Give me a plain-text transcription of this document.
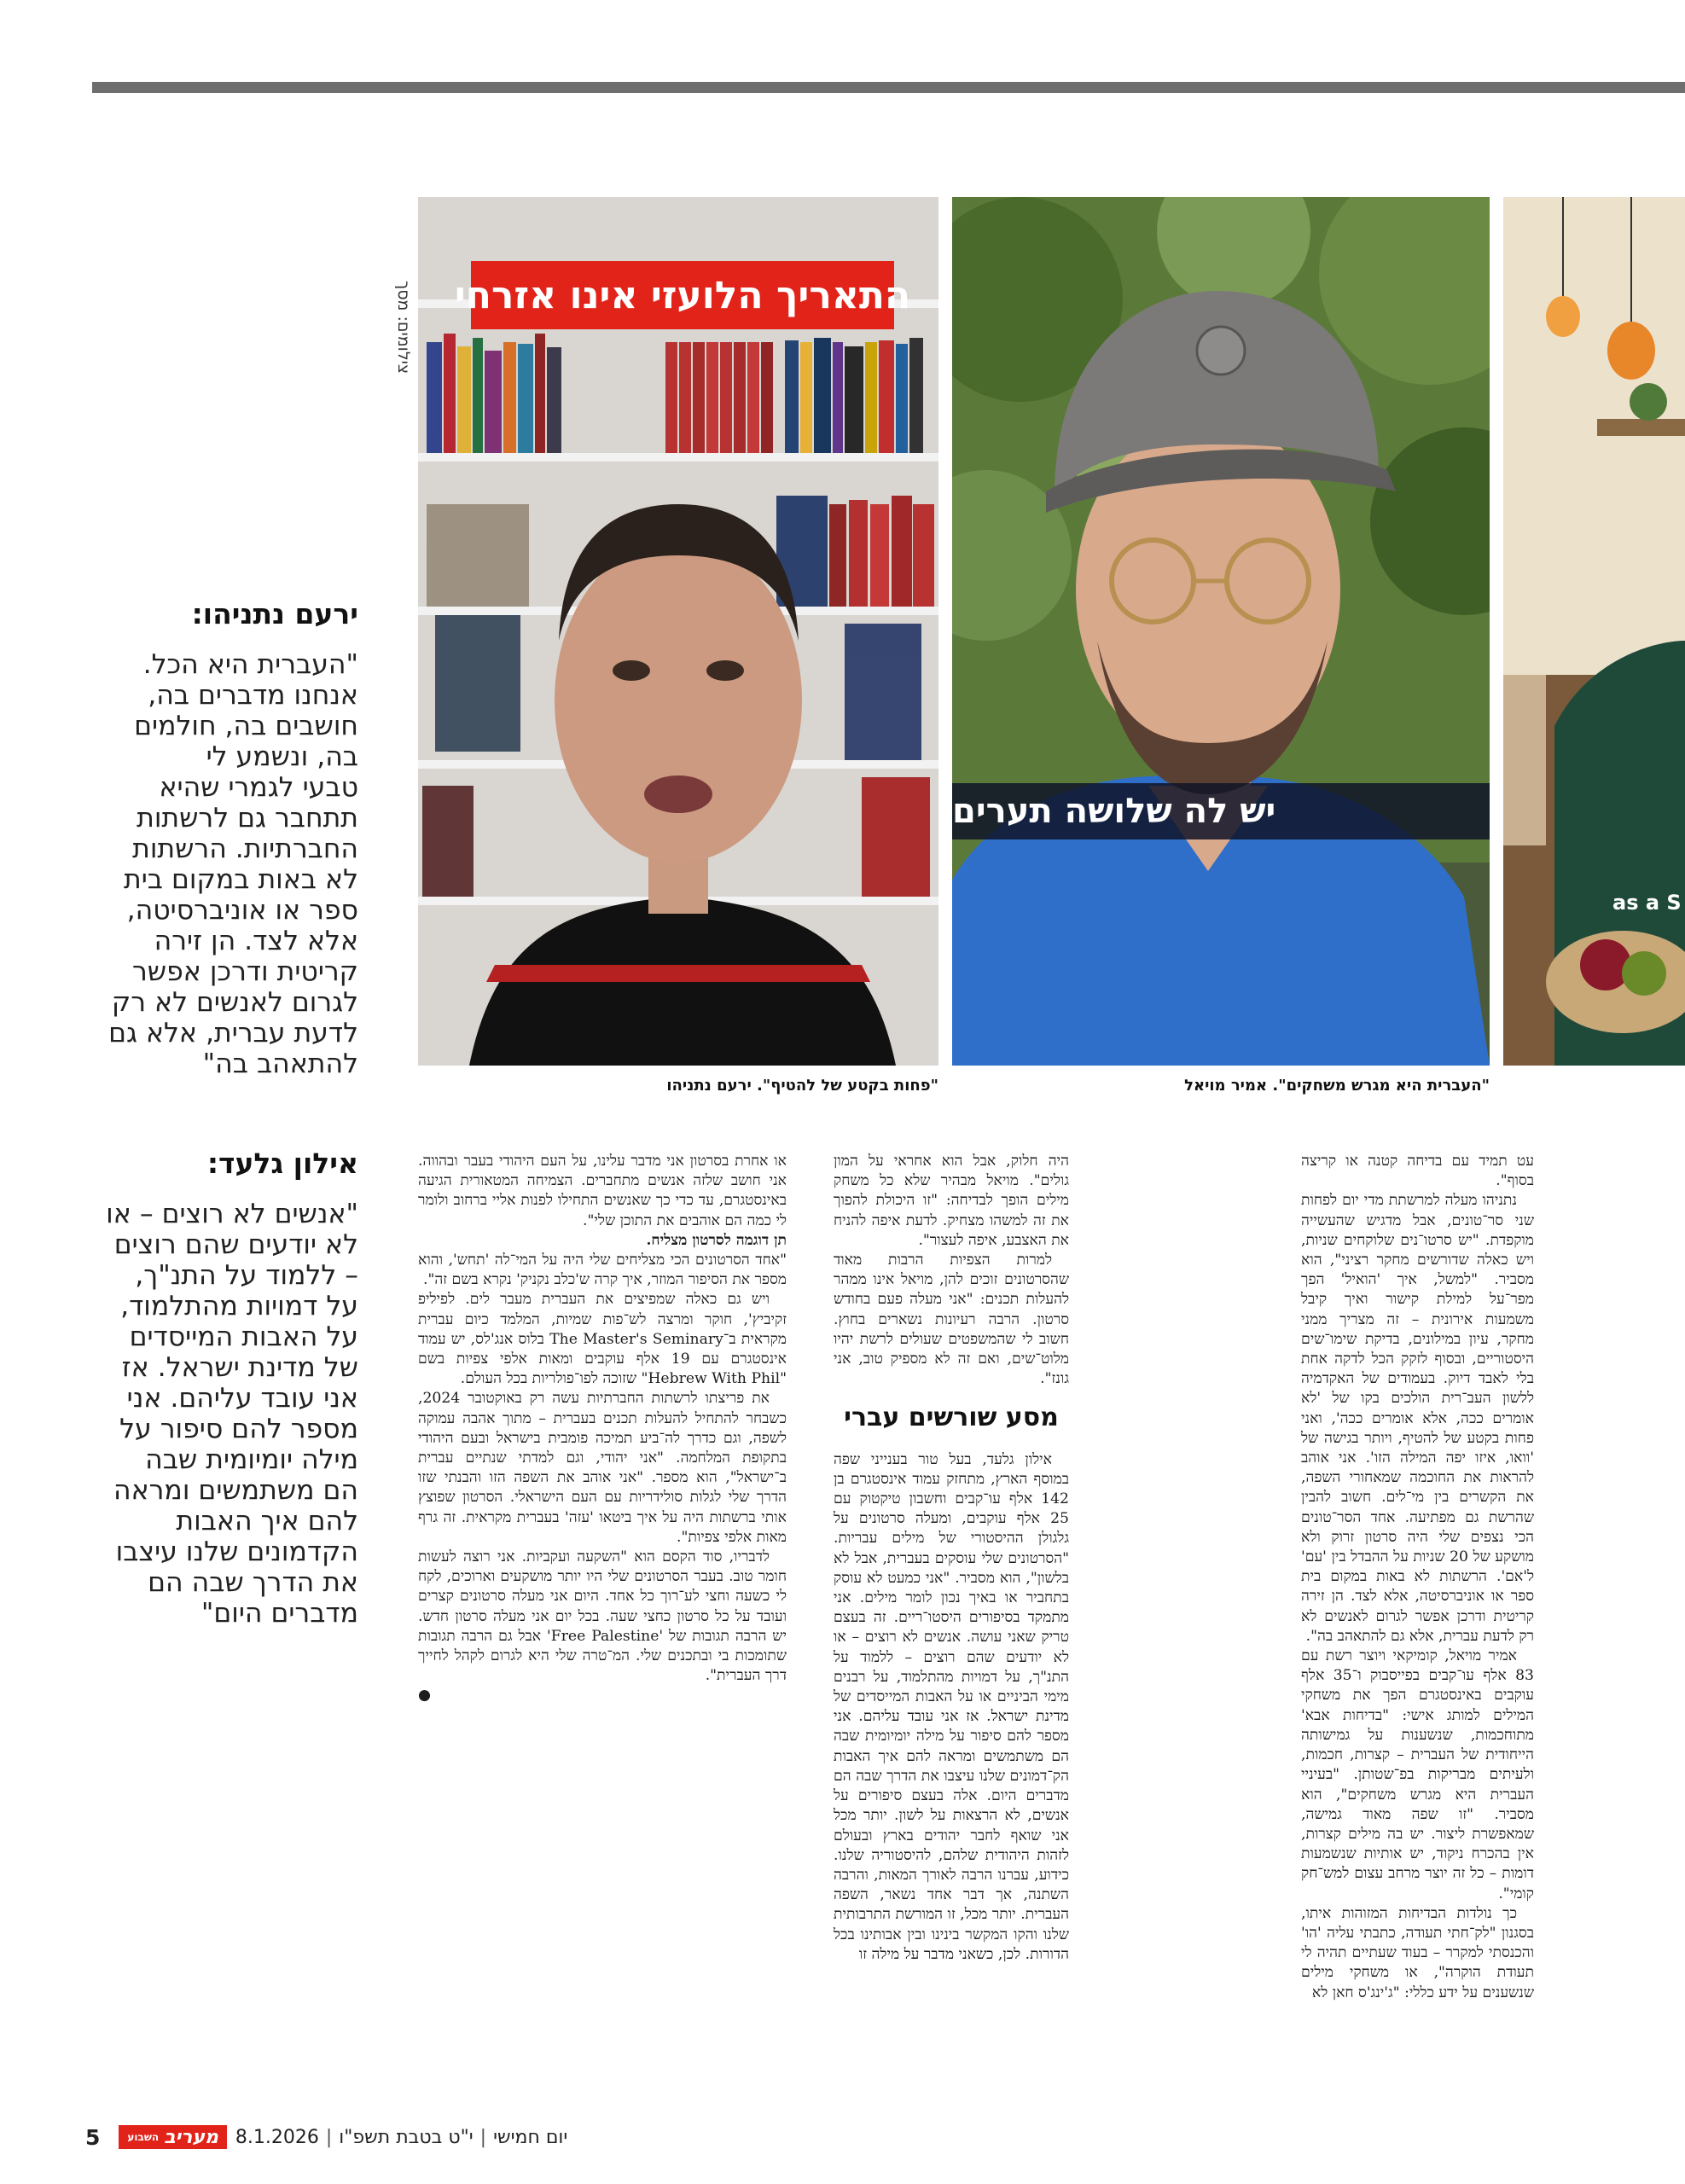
צילומים: מסך התאריך הלועזי אינו אזרחי
יש לה שלושה תערים
as a S
"פחות בקטע של להטיף". ירעם נתניהו	"העברית היא מגרש משחקים". אמיר מויאל
ירעם נתניהו:
"העברית היא הכל.
אנחנו מדברים בה,
חושבים בה, חולמים
בה, ונשמע לי
טבעי לגמרי שהיא
תתחבר גם לרשתות
החברתיות. הרשתות
לא באות במקום בית
ספר או אוניברסיטה,
אלא לצד. הן זירה
קריטית ודרכן אפשר
לגרום לאנשים לא רק
לדעת עברית, אלא גם
להתאהב בה"
אילון גלעד:
"אנשים לא רוצים – או
לא יודעים שהם רוצים
– ללמוד על התנ"ך,
על דמויות מהתלמוד,
על האבות המייסדים
של מדינת ישראל. אז
אני עובד עליהם. אני
מספר להם סיפור על
מילה יומיומית שבה
הם משתמשים ומראה
להם איך האבות
הקדמונים שלנו עיצבו
את הדרך שבה הם
מדברים היום"

עט תמיד עם בדיחה קטנה או קריצה בסוף".

נתניהו מעלה למרשתת מדי יום לפחות שני סר־טונים, אבל מדגיש שהעשייה מוקפדת. "יש סרטו־נים שלוקחים שניות, ויש כאלה שדורשים מחקר רציני", הוא מסביר. "למשל, איך 'הואיל' הפך מפר־על למילת קישור ואיך קיבל משמעות אירונית – זה מצריך ממני מחקר, עיון במילונים, בדיקת שימו־שים היסטוריים, ובסוף לזקק הכל לדקה אחת בלי לאבד דיוק. בעמודים של האקדמיה ללשון העב־רית הולכים בקו של 'לא אומרים ככה, אלא אומרים ככה', ואני פחות בקטע של להטיף, ויותר בגישה של 'וואו, איזו יפה המילה הזו'. אני אוהב להראות את החוכמה שמאחורי השפה, את הקשרים בין מי־לים. חשוב להבין שהרשת גם מפתיעה. אחד הסר־טונים הכי נצפים שלי היה סרטון זרוק ולא מושקע של 20 שניות על ההבדל בין 'עם' ל'אם'. הרשתות לא באות במקום בית ספר או אוניברסיטה, אלא לצד. הן זירה קריטית ודרכן אפשר לגרום לאנשים לא רק לדעת עברית, אלא גם להתאהב בה".

אמיר מויאל, קומיקאי ויוצר רשת עם 83 אלף עו־קבים בפייסבוק ו־35 אלף עוקבים באינסטגרם הפך את משחקי המילים למותג אישי: "בדיחות אבא' מתוחכמות, שנשענות על גמישותה הייחודית של העברית – קצרות, חכמות, ולעיתים מבריקות בפ־שטותן. "בעיניי העברית היא מגרש משחקים", הוא מסביר. "זו שפה מאוד גמישה, שמאפשרת ליצור. יש בה מילים קצרות, אין בהכרח ניקוד, יש אותיות שנשמעות דומות – כל זה יוצר מרחב עצום למש־חק קומי".

כך נולדות הבדיחות המזוהות איתו, בסגנון "לק־חתי תעודה, כתבתי עליה 'הו' והכנסתי למקרר – בעוד שעתיים תהיה לי תעודת הוקרה", או משחקי מילים שנשענים על ידע כללי: "ג'ינג'ס חאן לא

היה חלוק, אבל הוא אחראי על המון גולים". מויאל מבהיר שלא כל משחק מילים הופך לבדיחה: "זו היכולת להפוך את זה למשהו מצחיק. לדעת איפה להניח את האצבע, איפה לעצור".

למרות הצפיות הרבות מאוד שהסרטונים זוכים להן, מויאל אינו ממהר להעלות תכנים: "אני מעלה פעם בחודש סרטון. הרבה רעיונות נשארים בחוץ. חשוב לי שהמשפטים שעולים לרשת יהיו מלוט־שים, ואם זה לא מספיק טוב, אני גונז".

מסע שורשים עברי

אילון גלעד, בעל טור בענייני שפה במוסף הארץ, מתחזק עמוד אינסטגרם בן 142 אלף עו־קבים וחשבון טיקטוק עם 25 אלף עוקבים, ומעלה סרטונים על גלגולן ההיסטורי של מילים עבריות. "הסרטונים שלי עוסקים בעברית, אבל לא בלשון", הוא מסביר. "אני כמעט לא עוסק בתחביר או באיך נכון לומר מילים. אני מתמקד בסיפורים היסטו־ריים. זה בעצם טריק שאני עושה. אנשים לא רוצים – או לא יודעים שהם רוצים – ללמוד על התנ"ך, על דמויות מהתלמוד, על רבנים מימי הביניים או על האבות המייסדים של מדינת ישראל. אז אני עובד עליהם. אני מספר להם סיפור על מילה יומיומית שבה הם משתמשים ומראה להם איך האבות הק־דמונים שלנו עיצבו את הדרך שבה הם מדברים היום. אלה בעצם סיפורים על אנשים, לא הרצאות על לשון. יותר מכל אני שואף לחבר יהודים בארץ ובעולם לזהות היהודית שלהם, להיסטוריה שלנו. כידוע, עברנו הרבה לאורך המאות, והרבה השתנה, אך דבר אחד נשאר, השפה העברית. יותר מכל, זו המורשת התרבותית שלנו והקו המקשר בינינו ובין אבותינו בכל הדורות. לכן, כשאני מדבר על מילה זו

או אחרת בסרטון אני מדבר עלינו, על העם היהודי בעבר ובהווה. אני חושב שלזה אנשים מתחברים. הצמיחה המטאורית הגיעה באינסטגרם, עד כדי כך שאנשים התחילו לפנות אליי ברחוב ולומר לי כמה הם אוהבים את התוכן שלי".

תן דוגמה לסרטון מצליח.

"אחד הסרטונים הכי מצליחים שלי היה על המי־לה 'תחש', והוא מספר את הסיפור המוזר, איך קרה ש'כלב נקניק' נקרא בשם זה".

ויש גם כאלה שמפיצים את העברית מעבר לים. לפיליפ זקיביץ', חוקר ומרצה לש־פות שמיות, המלמד כיום עברית מקראית ב־The Master's Seminary בלוס אנג'לס, יש עמוד אינסטגרם עם 19 אלף עוקבים ומאות אלפי צפיות בשם "Hebrew With Phil" שזוכה לפו־פולריות בכל העולם.

את פריצתו לרשתות החברתיות עשה רק באוקטובר 2024, כשבחר להתחיל להעלות תכנים בעברית – מתוך אהבה עמוקה לשפה, וגם כדרך לה־ביע תמיכה פומבית בישראל ובעם היהודי בתקופת המלחמה. "אני יהודי, וגם למדתי שנתיים עברית ב־ישראל", הוא מספר. "אני אוהב את השפה הזו והבנתי שזו הדרך שלי לגלות סולידריות עם העם הישראלי. הסרטון שפוצץ אותי ברשתות היה על איך ביטאו 'עזה' בעברית מקראית. זה גרף מאות אלפי צפיות".

לדבריו, סוד הקסם הוא "השקעה ועקביות. אני רוצה לעשות חומר טוב. בעבר הסרטונים שלי היו יותר מושקעים וארוכים, לקח לי כשעה וחצי לע־רוך כל אחד. היום אני מעלה סרטונים קצרים ועובד על כל סרטון כחצי שעה. בכל יום אני מעלה סרטון חדש. יש הרבה תגובות של 'Free Palestine' אבל גם הרבה תגובות שתומכות בי ובתכנים שלי. המ־טרה שלי היא לגרום לקהל לחייך דרך העברית".

●

5	מעריב
השבוע	8.1.2026 | י"ט בטבת תשפ"ו | יום חמישי
